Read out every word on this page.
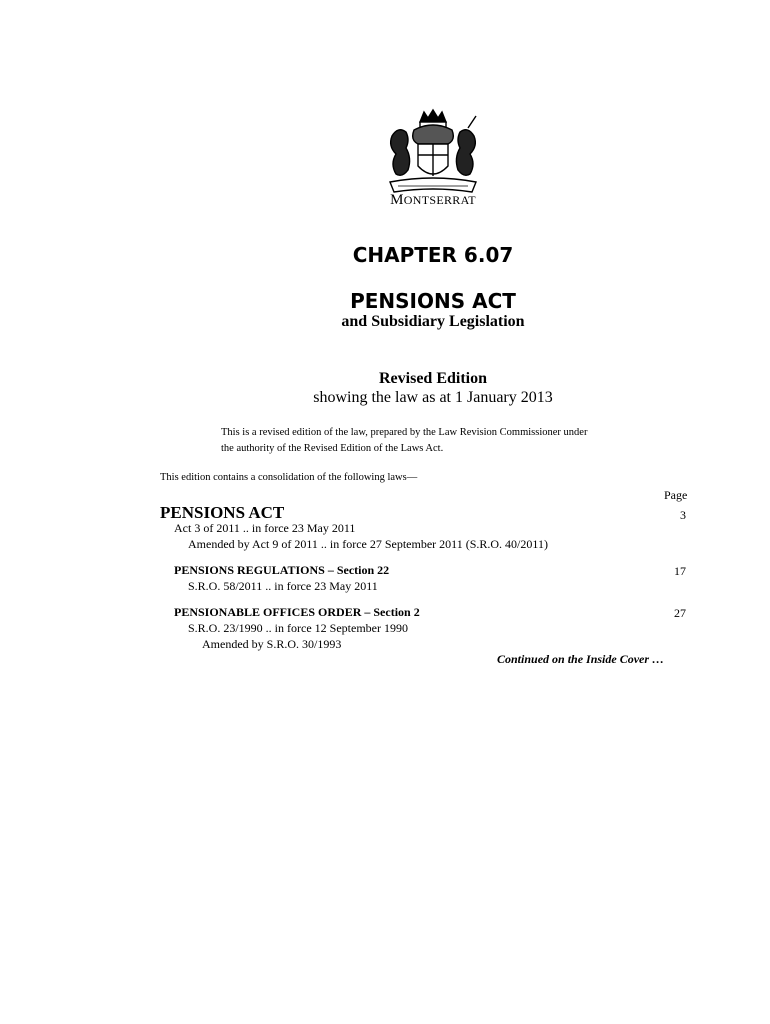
MONTSERRAT
CHAPTER 6.07
PENSIONS ACT
and Subsidiary Legislation
Revised Edition
showing the law as at 1 January 2013
This is a revised edition of the law, prepared by the Law Revision Commissioner under
the authority of the Revised Edition of the Laws Act.
This edition contains a consolidation of the following laws—
Page
PENSIONS ACT	3
Act 3 of 2011 .. in force 23 May 2011
Amended by Act 9 of 2011 .. in force 27 September 2011 (S.R.O. 40/2011)
PENSIONS REGULATIONS – Section 22	17
S.R.O. 58/2011 .. in force 23 May 2011
PENSIONABLE OFFICES ORDER – Section 2	27
S.R.O. 23/1990 .. in force 12 September 1990
Amended by S.R.O. 30/1993
Continued on the Inside Cover …
